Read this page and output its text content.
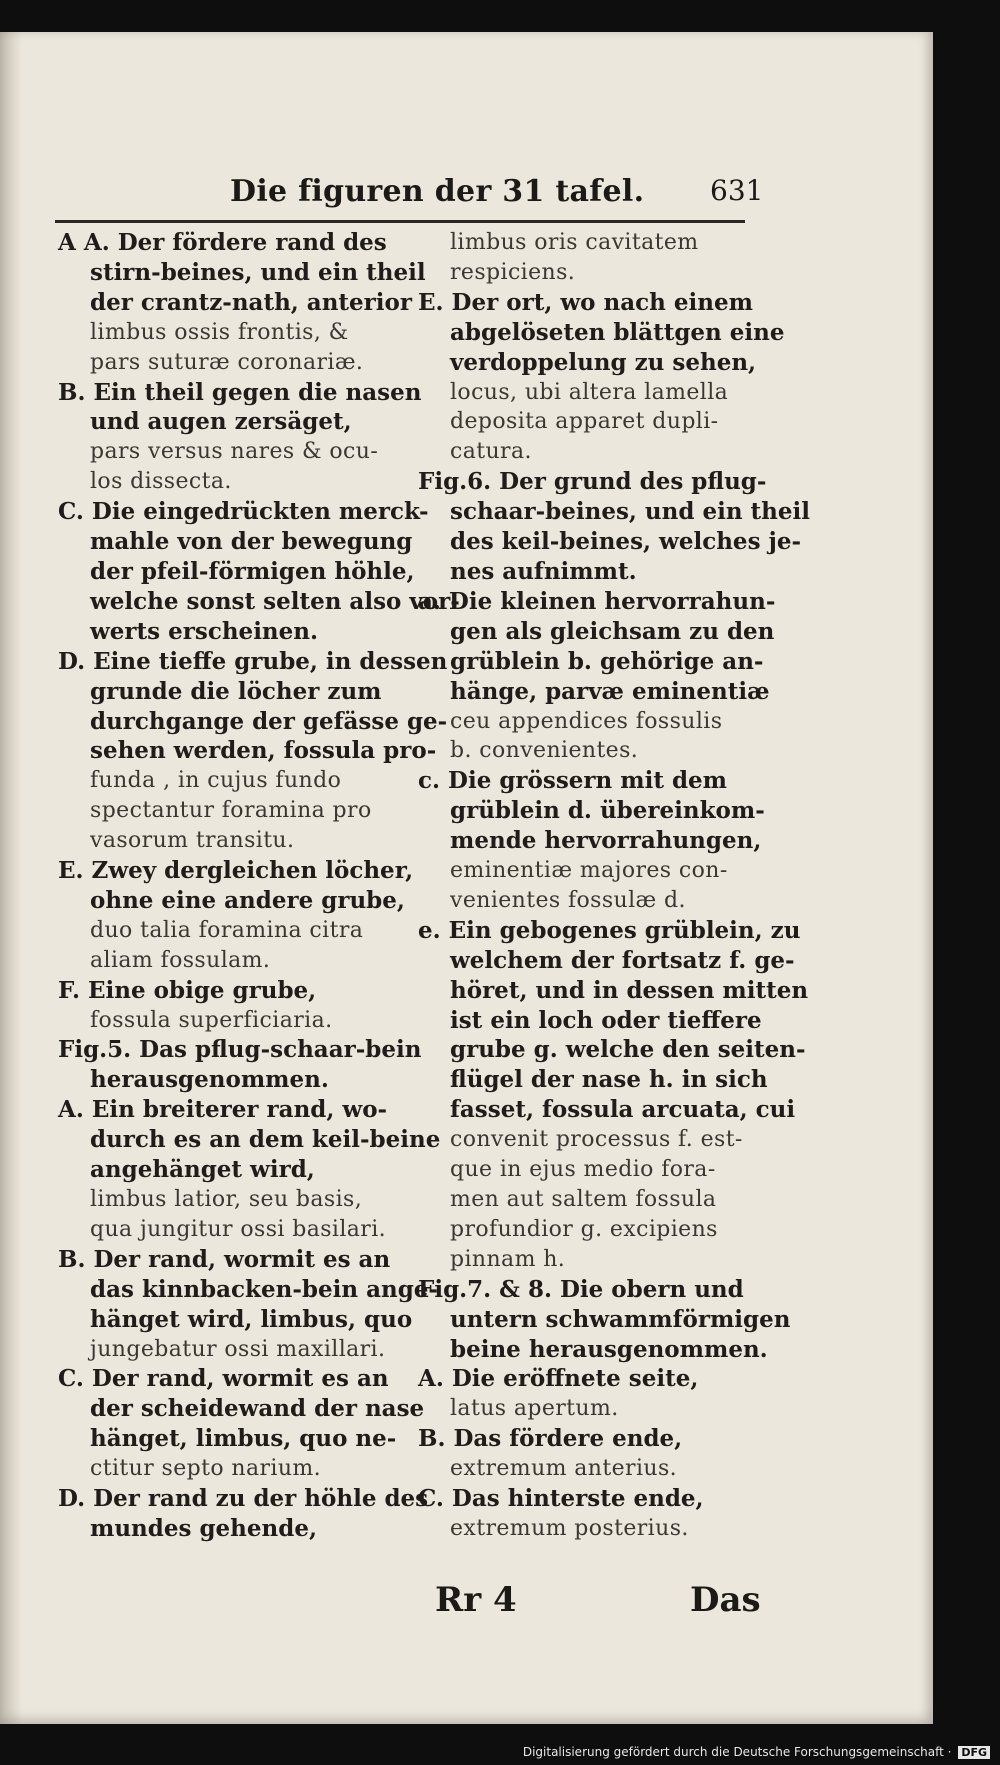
Die figuren der 31 tafel. 631
A A. Der fördere rand des
stirn-beines, und ein theil
der crantz-nath, anterior
limbus ossis frontis, &
pars suturæ coronariæ.
B. Ein theil gegen die nasen
und augen zersäget,
pars versus nares & ocu-
los dissecta.
C. Die eingedrückten merck-
mahle von der bewegung
der pfeil-förmigen höhle,
welche sonst selten also vor-
werts erscheinen.
D. Eine tieffe grube, in dessen
grunde die löcher zum
durchgange der gefässe ge-
sehen werden, fossula pro-
funda , in cujus fundo
spectantur foramina pro
vasorum transitu.
E. Zwey dergleichen löcher,
ohne eine andere grube,
duo talia foramina citra
aliam fossulam.
F. Eine obige grube,
fossula superficiaria.
Fig.5. Das pflug-schaar-bein
herausgenommen.
A. Ein breiterer rand, wo-
durch es an dem keil-beine
angehänget wird,
limbus latior, seu basis,
qua jungitur ossi basilari.
B. Der rand, wormit es an
das kinnbacken-bein ange-
hänget wird, limbus, quo
jungebatur ossi maxillari.
C. Der rand, wormit es an
der scheidewand der nase
hänget, limbus, quo ne-
ctitur septo narium.
D. Der rand zu der höhle des
mundes gehende,
limbus oris cavitatem
respiciens.
E. Der ort, wo nach einem
abgelöseten blättgen eine
verdoppelung zu sehen,
locus, ubi altera lamella
deposita apparet dupli-
catura.
Fig.6. Der grund des pflug-
schaar-beines, und ein theil
des keil-beines, welches je-
nes aufnimmt.
a. Die kleinen hervorrahun-
gen als gleichsam zu den
grüblein b. gehörige an-
hänge, parvæ eminentiæ
ceu appendices fossulis
b. convenientes.
c. Die grössern mit dem
grüblein d. übereinkom-
mende hervorrahungen,
eminentiæ majores con-
venientes fossulæ d.
e. Ein gebogenes grüblein, zu
welchem der fortsatz f. ge-
höret, und in dessen mitten
ist ein loch oder tieffere
grube g. welche den seiten-
flügel der nase h. in sich
fasset, fossula arcuata, cui
convenit processus f. est-
que in ejus medio fora-
men aut saltem fossula
profundior g. excipiens
pinnam h.
Fig.7. & 8. Die obern und
untern schwammförmigen
beine herausgenommen.
A. Die eröffnete seite,
latus apertum.
B. Das fördere ende,
extremum anterius.
C. Das hinterste ende,
extremum posterius.
Rr 4	Das
Digitalisierung gefördert durch die Deutsche Forschungsgemeinschaft · DFG
